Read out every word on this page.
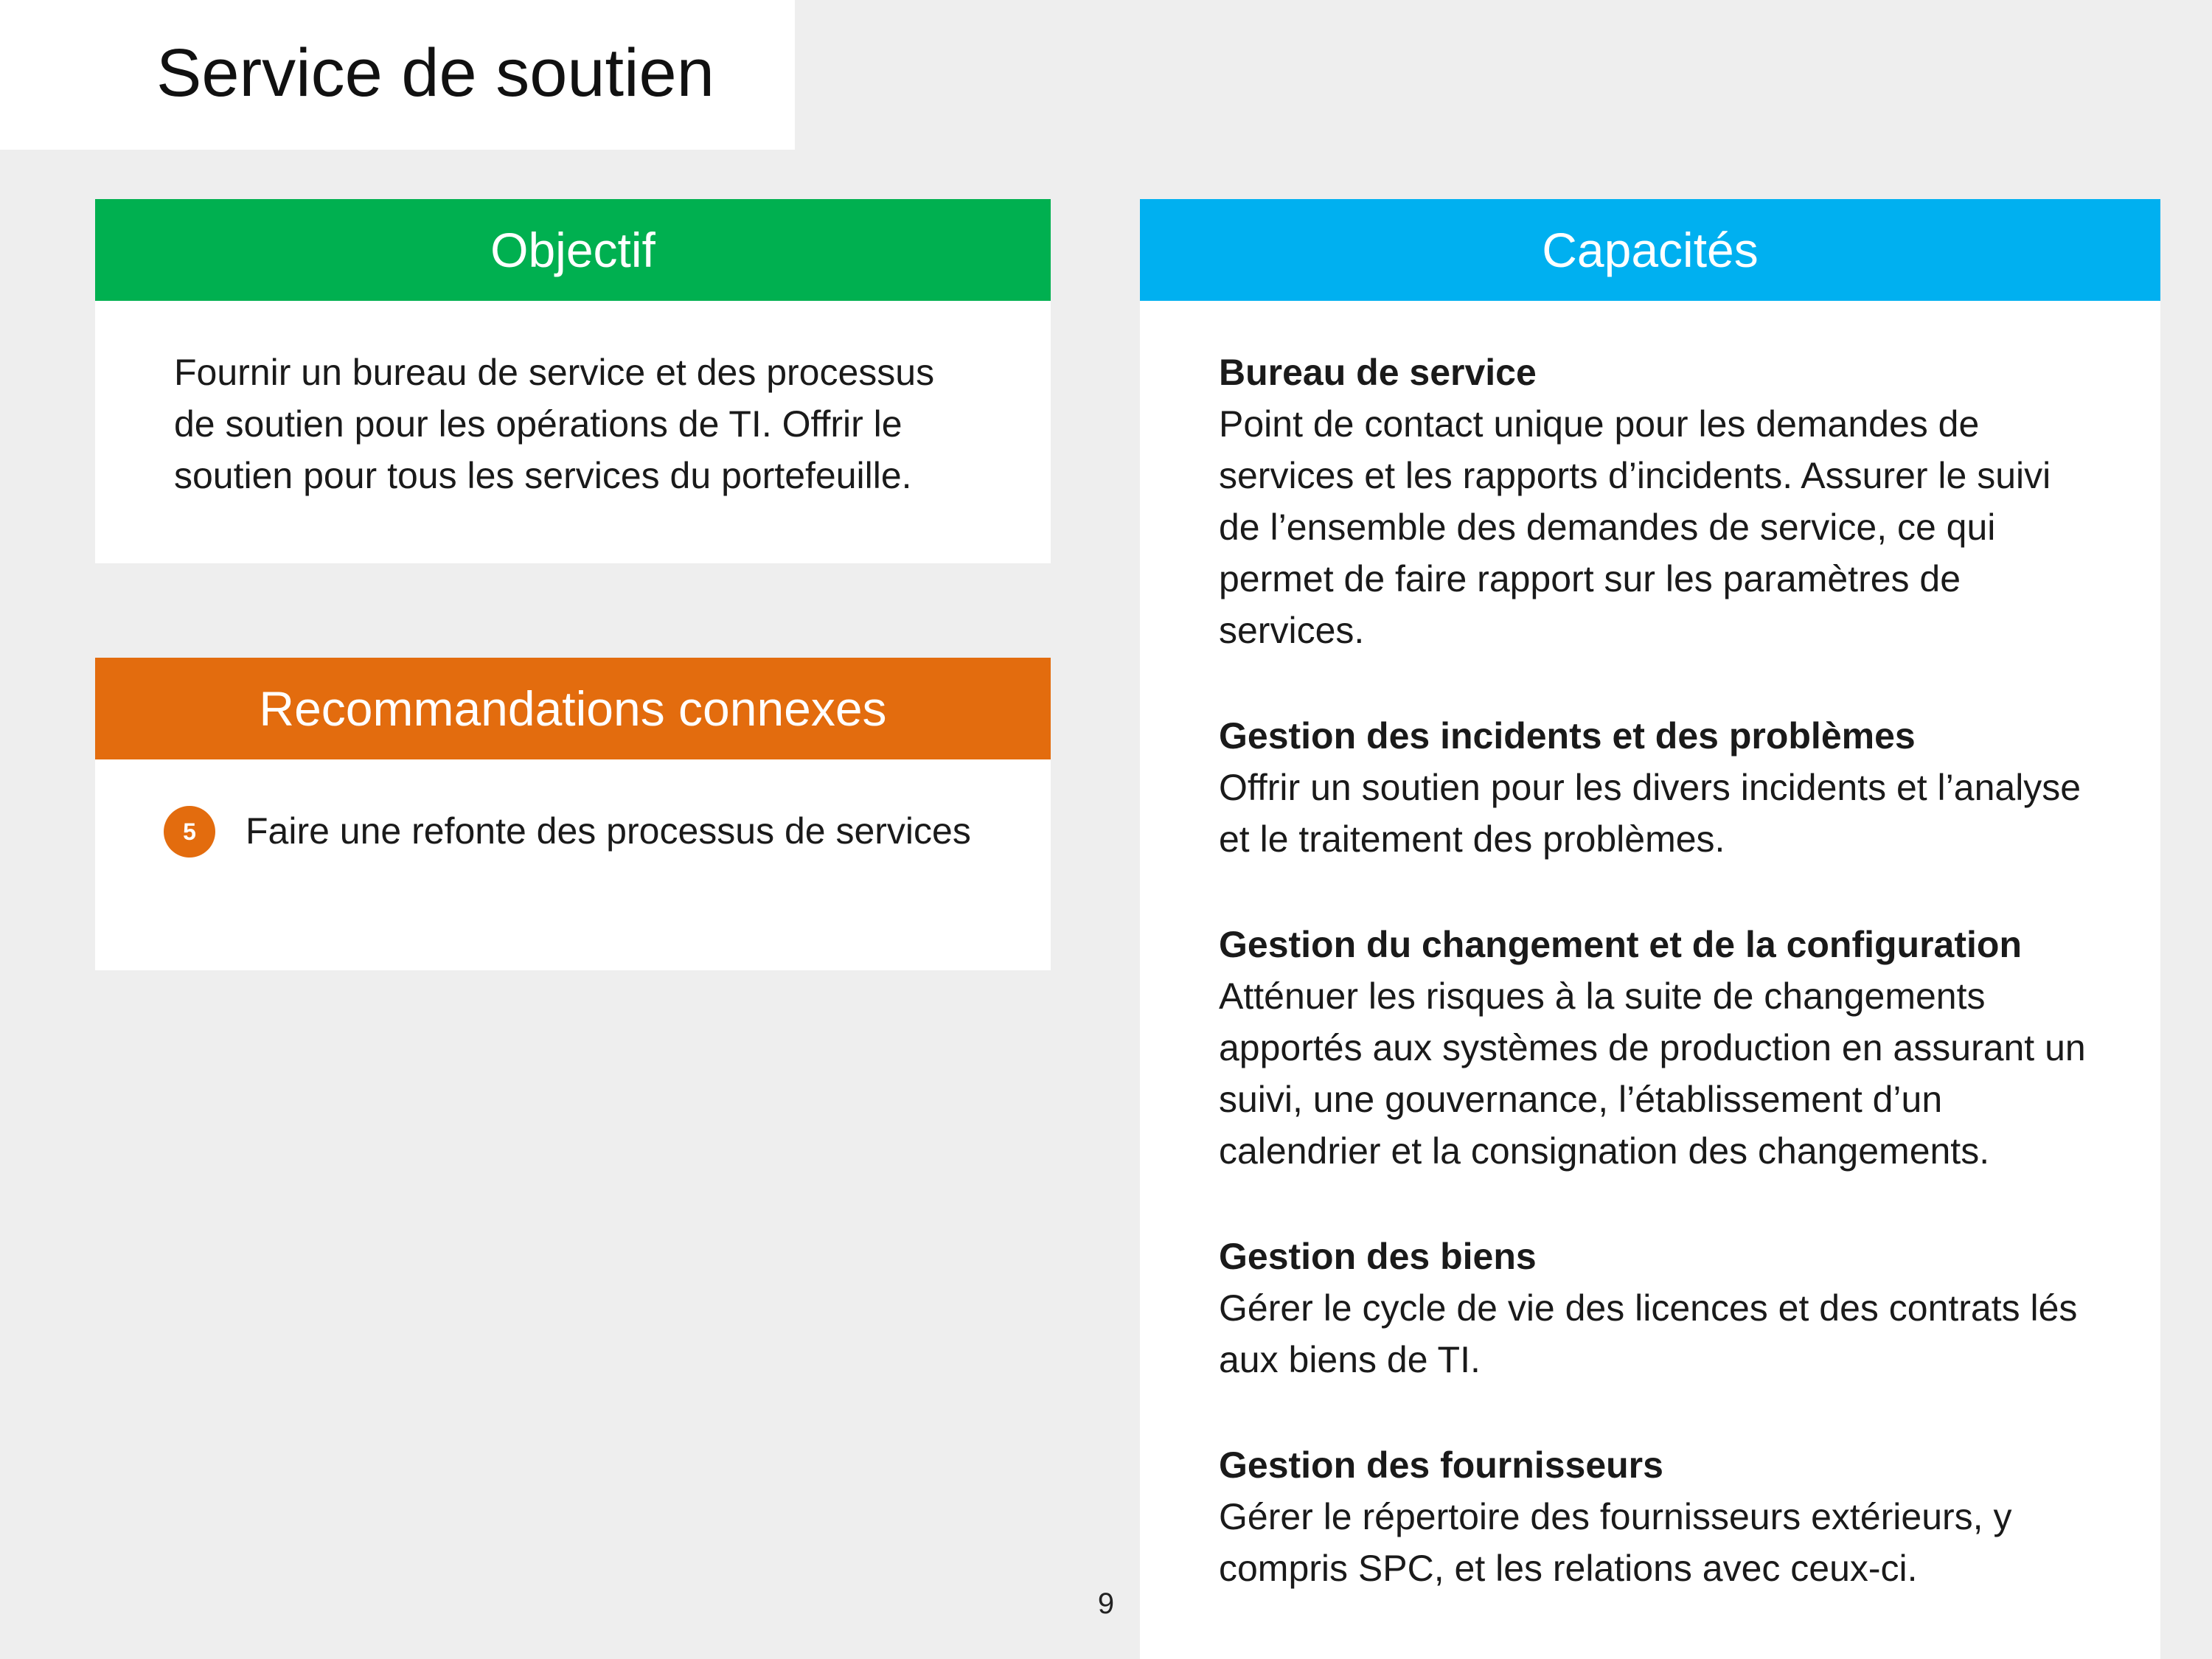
Service de soutien
Objectif
Fournir un bureau de service et des processus de soutien pour les opérations de TI. Offrir le soutien pour tous les services du portefeuille.
Recommandations connexes
5	Faire une refonte des processus de services
Capacités
Bureau de service
Point de contact unique pour les demandes de services et les rapports d’incidents. Assurer le suivi de l’ensemble des demandes de service, ce qui permet de faire rapport sur les paramètres de services.
Gestion des incidents et des problèmes
Offrir un soutien pour les divers incidents et l’analyse et le traitement des problèmes.
Gestion du changement et de la configuration
Atténuer les risques à la suite de changements apportés aux systèmes de production en assurant un suivi, une gouvernance, l’établissement d’un calendrier et la consignation des changements.
Gestion des biens
Gérer le cycle de vie des licences et des contrats lés aux biens de TI.
Gestion des fournisseurs
Gérer le répertoire des fournisseurs extérieurs, y compris SPC, et les relations avec ceux-ci.
9
